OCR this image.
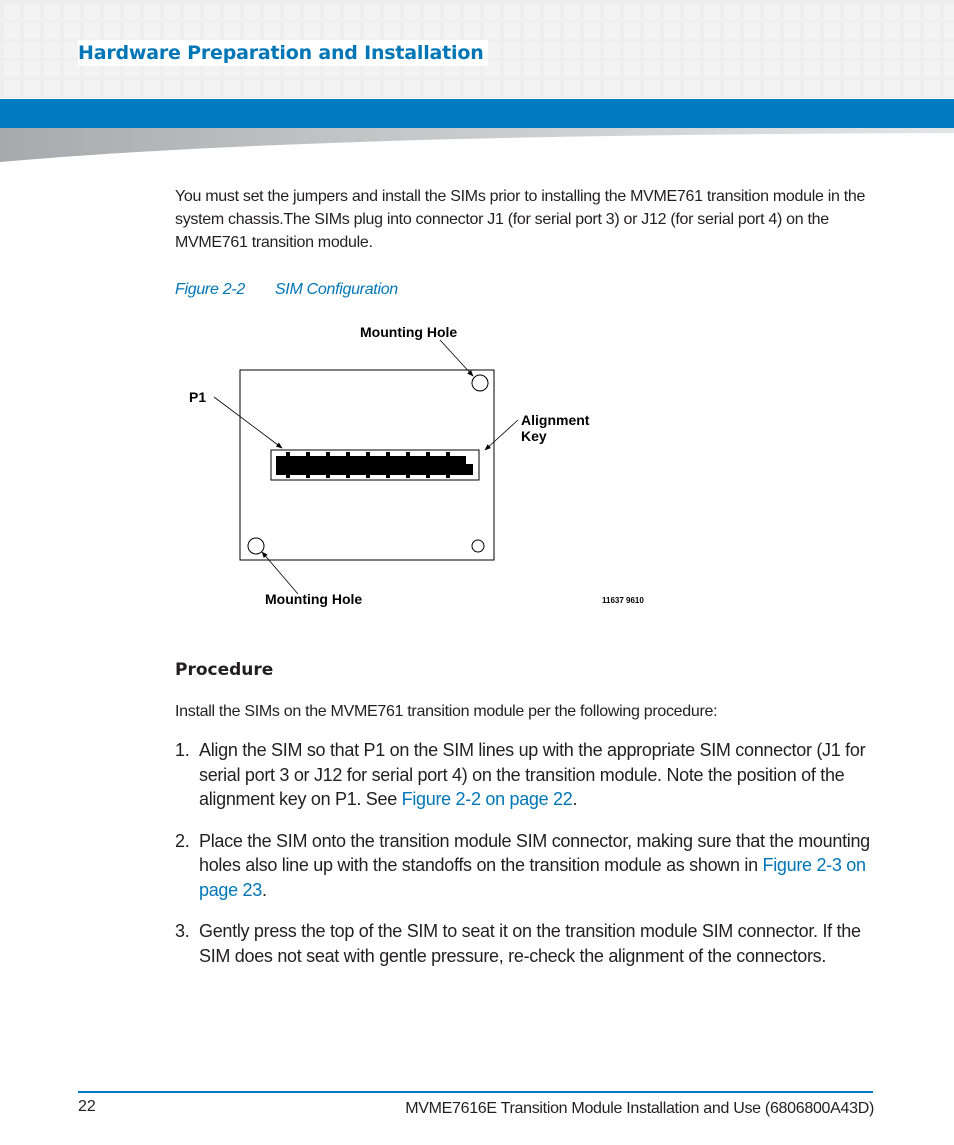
Hardware Preparation and Installation

You must set the jumpers and install the SIMs prior to installing the MVME761 transition module in the system chassis.The SIMs plug into connector J1 (for serial port 3) or J12 (for serial port 4) on the MVME761 transition module.

Figure 2-2 SIM Configuration

Mounting Hole
P1
Alignment
Key
Mounting Hole	11637 9610
Procedure

Install the SIMs on the MVME761 transition module per the following procedure:

1. Align the SIM so that P1 on the SIM lines up with the appropriate SIM connector (J1 for serial port 3 or J12 for serial port 4) on the transition module. Note the position of the alignment key on P1. See Figure 2-2 on page 22.
2. Place the SIM onto the transition module SIM connector, making sure that the mounting holes also line up with the standoffs on the transition module as shown in Figure 2-3 on page 23.
3. Gently press the top of the SIM to seat it on the transition module SIM connector. If the SIM does not seat with gentle pressure, re-check the alignment of the connectors.
22	MVME7616E Transition Module Installation and Use (6806800A43D)
